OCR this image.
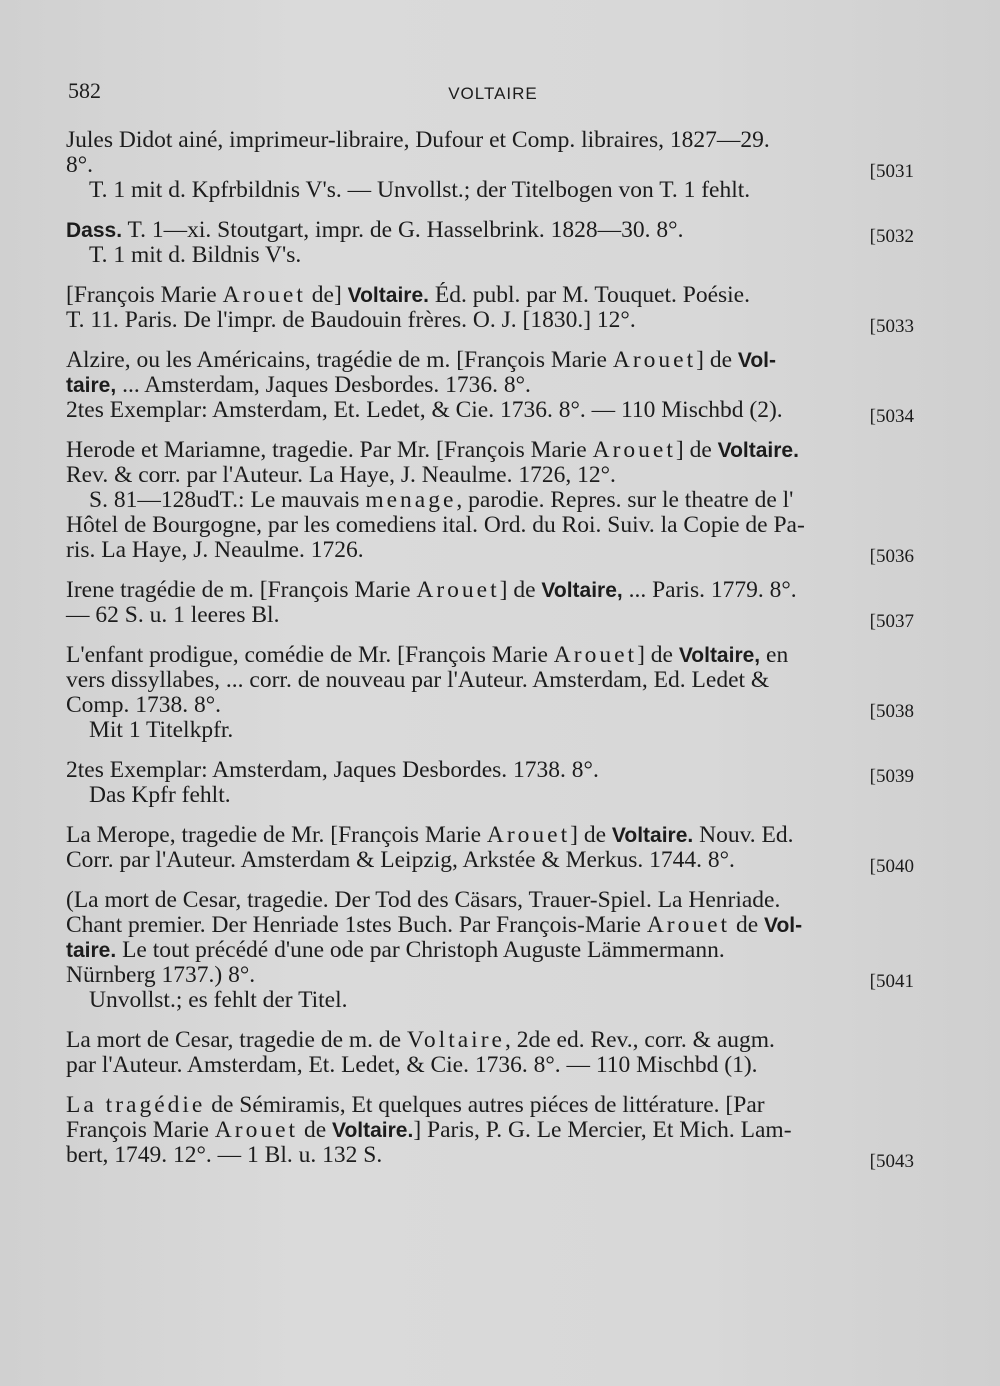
582	VOLTAIRE
Jules Didot ainé, imprimeur-libraire, Dufour et Comp. libraires, 1827—29.
8°.	[5031
T. 1 mit d. Kpfrbildnis V's. — Unvollst.; der Titelbogen von T. 1 fehlt.
Dass. T. 1—xi. Stoutgart, impr. de G. Hasselbrink. 1828—30. 8°.	[5032
T. 1 mit d. Bildnis V's.
[François Marie Arouet de] Voltaire. Éd. publ. par M. Touquet. Poésie.
T. 11. Paris. De l'impr. de Baudouin frères. O. J. [1830.] 12°.	[5033
Alzire, ou les Américains, tragédie de m. [François Marie Arouet] de Vol-
taire, ... Amsterdam, Jaques Desbordes. 1736. 8°.
2tes Exemplar: Amsterdam, Et. Ledet, & Cie. 1736. 8°. — 110 Mischbd (2).	[5034
Herode et Mariamne, tragedie. Par Mr. [François Marie Arouet] de Voltaire.
Rev. & corr. par l'Auteur. La Haye, J. Neaulme. 1726, 12°.
S. 81—128udT.: Le mauvais menage, parodie. Repres. sur le theatre de l'
Hôtel de Bourgogne, par les comediens ital. Ord. du Roi. Suiv. la Copie de Pa-
ris. La Haye, J. Neaulme. 1726.	[5036
Irene tragédie de m. [François Marie Arouet] de Voltaire, ... Paris. 1779. 8°.
— 62 S. u. 1 leeres Bl.	[5037
L'enfant prodigue, comédie de Mr. [François Marie Arouet] de Voltaire, en
vers dissyllabes, ... corr. de nouveau par l'Auteur. Amsterdam, Ed. Ledet &
Comp. 1738. 8°.	[5038
Mit 1 Titelkpfr.
2tes Exemplar: Amsterdam, Jaques Desbordes. 1738. 8°.	[5039
Das Kpfr fehlt.
La Merope, tragedie de Mr. [François Marie Arouet] de Voltaire. Nouv. Ed.
Corr. par l'Auteur. Amsterdam & Leipzig, Arkstée & Merkus. 1744. 8°.	[5040
(La mort de Cesar, tragedie. Der Tod des Cäsars, Trauer-Spiel. La Henriade.
Chant premier. Der Henriade 1stes Buch. Par François-Marie Arouet de Vol-
taire. Le tout précédé d'une ode par Christoph Auguste Lämmermann.
Nürnberg 1737.) 8°.	[5041
Unvollst.; es fehlt der Titel.
La mort de Cesar, tragedie de m. de Voltaire, 2de ed. Rev., corr. & augm.
par l'Auteur. Amsterdam, Et. Ledet, & Cie. 1736. 8°. — 110 Mischbd (1).
La tragédie de Sémiramis, Et quelques autres piéces de littérature. [Par
François Marie Arouet de Voltaire.] Paris, P. G. Le Mercier, Et Mich. Lam-
bert, 1749. 12°. — 1 Bl. u. 132 S.	[5043
